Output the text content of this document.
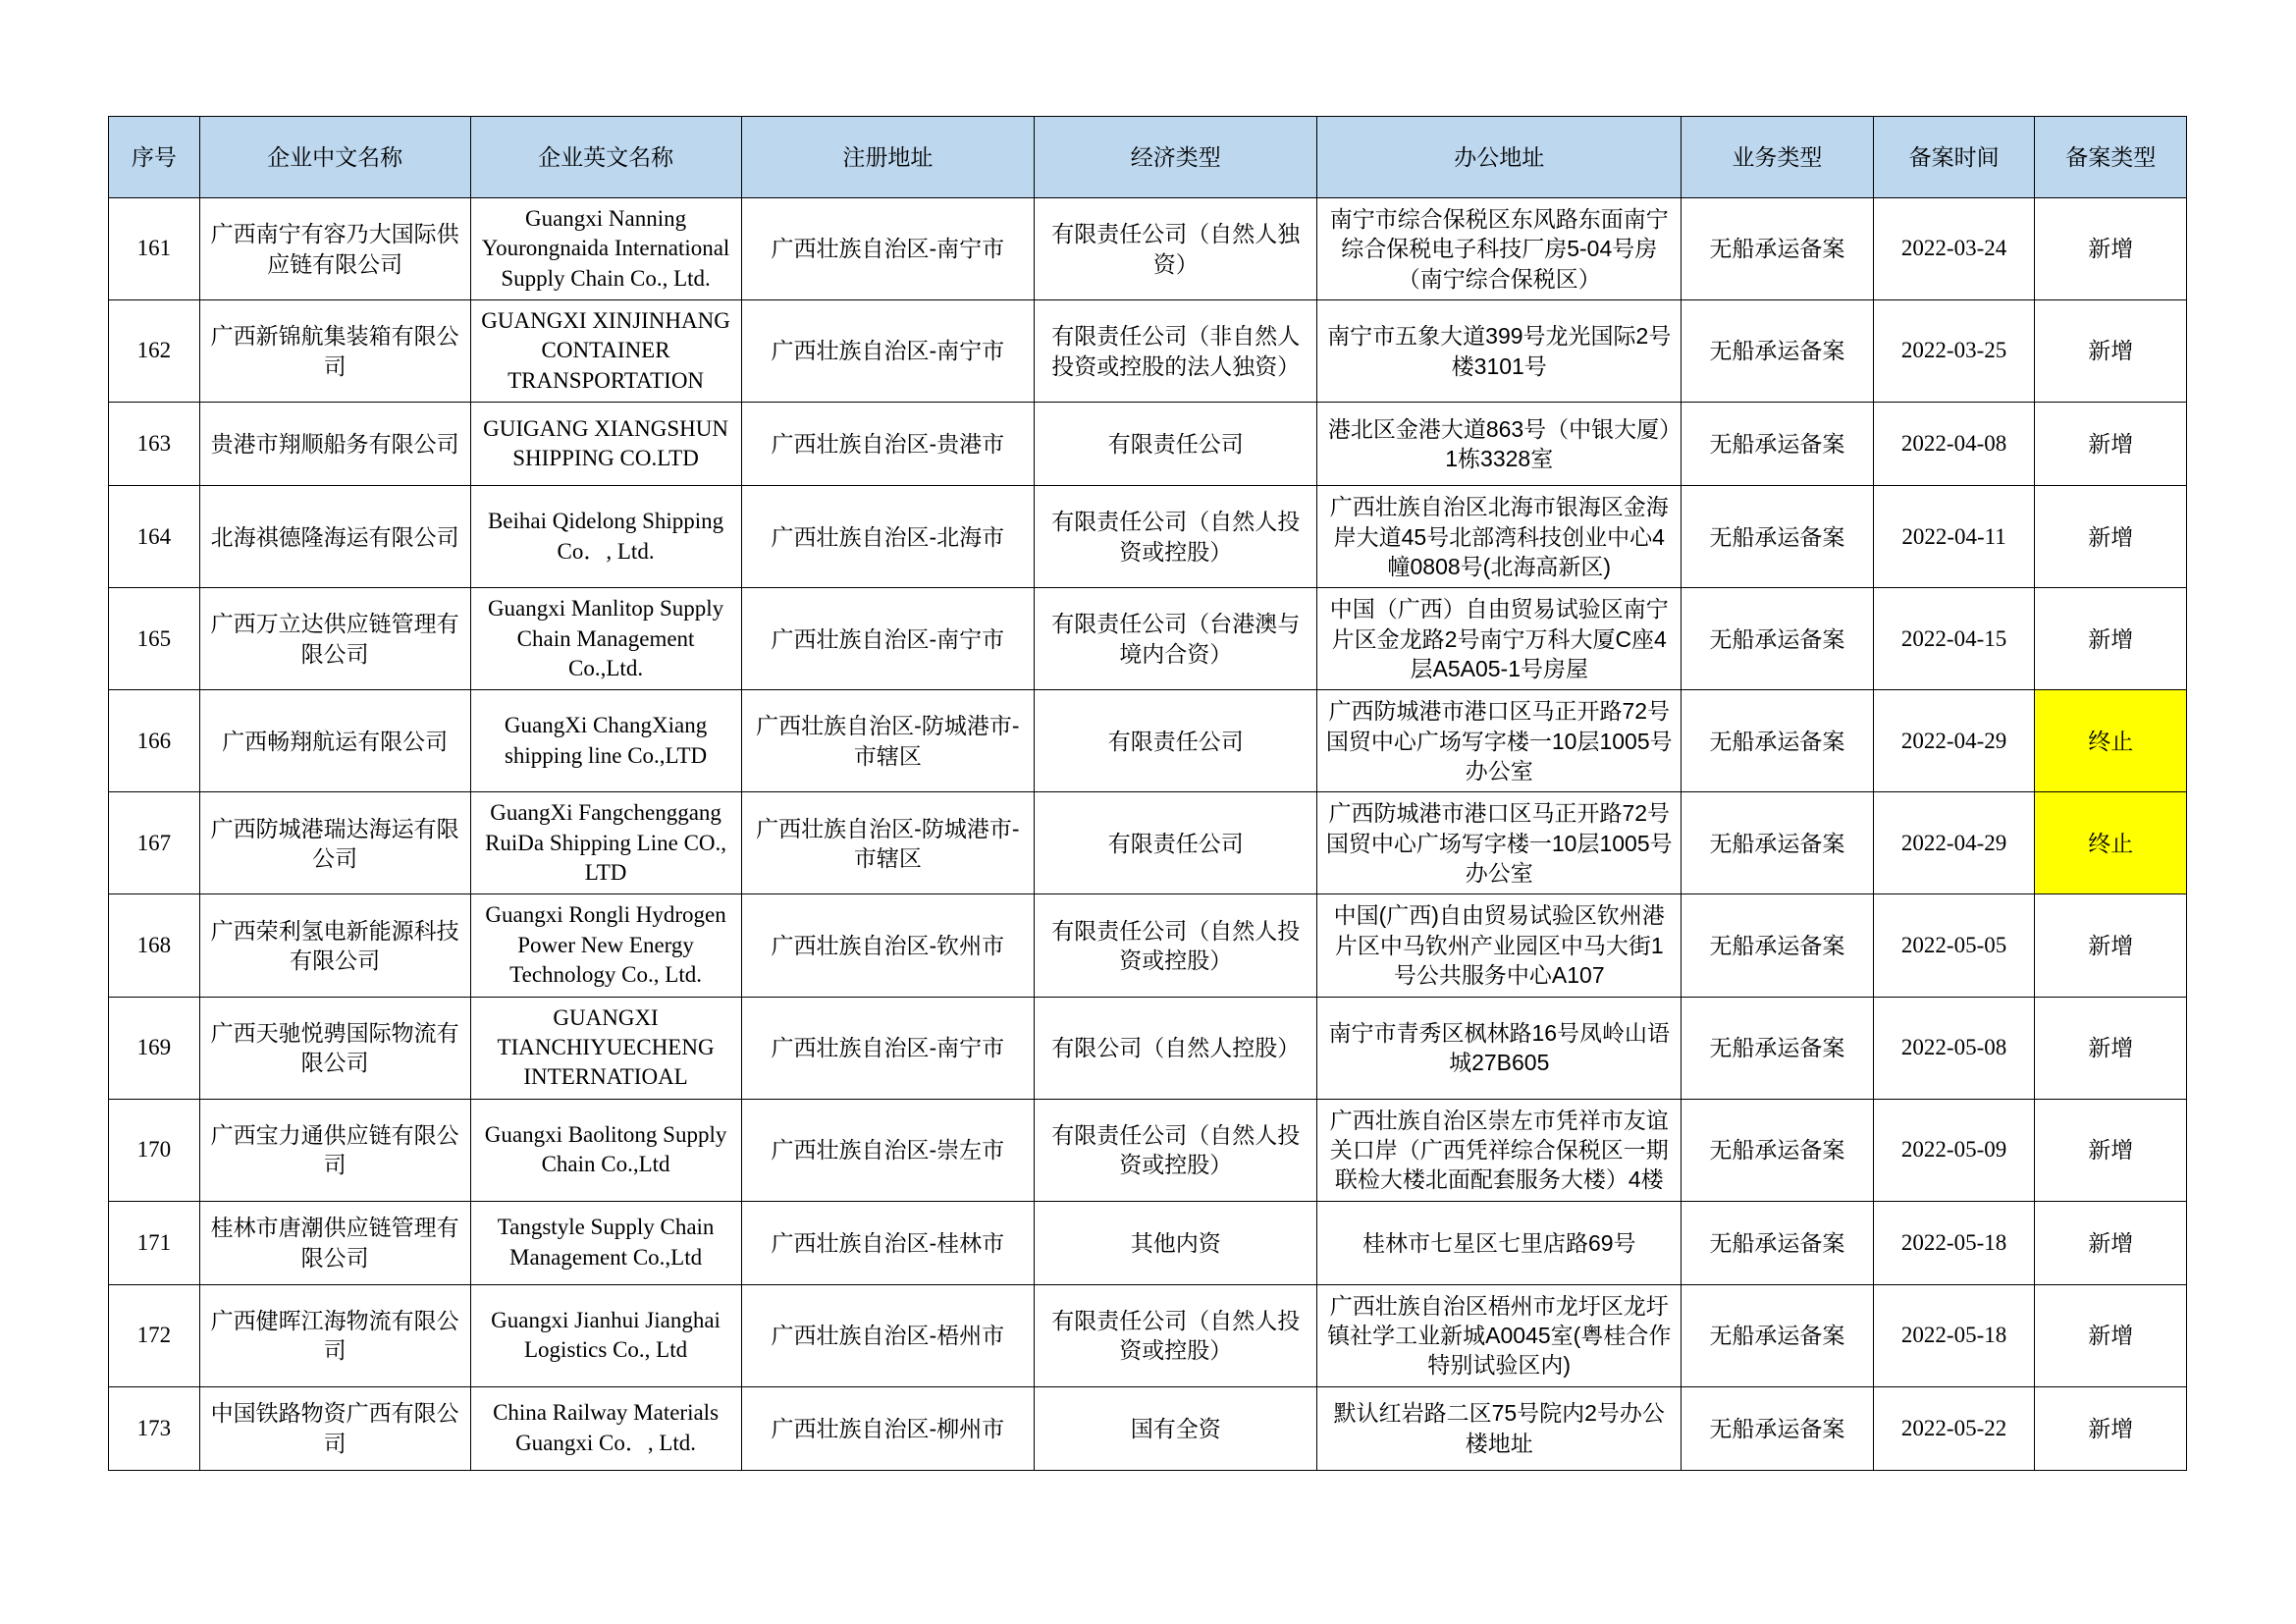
序号	企业中文名称	企业英文名称	注册地址	经济类型	办公地址	业务类型	备案时间	备案类型
161	广西南宁有容乃大国际供应链有限公司	Guangxi Nanning Yourongnaida International Supply Chain Co., Ltd.	广西壮族自治区-南宁市	有限责任公司（自然人独资）	南宁市综合保税区东风路东面南宁综合保税电子科技厂房5-04号房（南宁综合保税区）	无船承运备案	2022-03-24	新增
162	广西新锦航集装箱有限公司	GUANGXI XINJINHANG CONTAINER TRANSPORTATION	广西壮族自治区-南宁市	有限责任公司（非自然人投资或控股的法人独资）	南宁市五象大道399号龙光国际2号楼3101号	无船承运备案	2022-03-25	新增
163	贵港市翔顺船务有限公司	GUIGANG XIANGSHUN SHIPPING CO.LTD	广西壮族自治区-贵港市	有限责任公司	港北区金港大道863号（中银大厦）1栋3328室	无船承运备案	2022-04-08	新增
164	北海祺德隆海运有限公司	Beihai Qidelong Shipping Co．, Ltd.	广西壮族自治区-北海市	有限责任公司（自然人投资或控股）	广西壮族自治区北海市银海区金海岸大道45号北部湾科技创业中心4幢0808号(北海高新区)	无船承运备案	2022-04-11	新增
165	广西万立达供应链管理有限公司	Guangxi Manlitop Supply Chain Management Co.,Ltd.	广西壮族自治区-南宁市	有限责任公司（台港澳与境内合资）	中国（广西）自由贸易试验区南宁片区金龙路2号南宁万科大厦C座4层A5A05-1号房屋	无船承运备案	2022-04-15	新增
166	广西畅翔航运有限公司	GuangXi ChangXiang shipping line Co.,LTD	广西壮族自治区-防城港市-市辖区	有限责任公司	广西防城港市港口区马正开路72号国贸中心广场写字楼一10层1005号办公室	无船承运备案	2022-04-29	终止
167	广西防城港瑞达海运有限公司	GuangXi Fangchenggang RuiDa Shipping Line CO., LTD	广西壮族自治区-防城港市-市辖区	有限责任公司	广西防城港市港口区马正开路72号国贸中心广场写字楼一10层1005号办公室	无船承运备案	2022-04-29	终止
168	广西荣利氢电新能源科技有限公司	Guangxi Rongli Hydrogen Power New Energy Technology Co., Ltd.	广西壮族自治区-钦州市	有限责任公司（自然人投资或控股）	中国(广西)自由贸易试验区钦州港片区中马钦州产业园区中马大街1号公共服务中心A107	无船承运备案	2022-05-05	新增
169	广西天驰悦骋国际物流有限公司	GUANGXI TIANCHIYUECHENG INTERNATIOAL	广西壮族自治区-南宁市	有限公司（自然人控股）	南宁市青秀区枫林路16号凤岭山语城27B605	无船承运备案	2022-05-08	新增
170	广西宝力通供应链有限公司	Guangxi Baolitong Supply Chain Co.,Ltd	广西壮族自治区-崇左市	有限责任公司（自然人投资或控股）	广西壮族自治区崇左市凭祥市友谊关口岸（广西凭祥综合保税区一期联检大楼北面配套服务大楼）4楼	无船承运备案	2022-05-09	新增
171	桂林市唐潮供应链管理有限公司	Tangstyle Supply Chain Management Co.,Ltd	广西壮族自治区-桂林市	其他内资	桂林市七星区七里店路69号	无船承运备案	2022-05-18	新增
172	广西健晖江海物流有限公司	Guangxi Jianhui Jianghai Logistics Co., Ltd	广西壮族自治区-梧州市	有限责任公司（自然人投资或控股）	广西壮族自治区梧州市龙圩区龙圩镇社学工业新城A0045室(粤桂合作特别试验区内)	无船承运备案	2022-05-18	新增
173	中国铁路物资广西有限公司	China Railway Materials Guangxi Co．, Ltd.	广西壮族自治区-柳州市	国有全资	默认红岩路二区75号院内2号办公楼地址	无船承运备案	2022-05-22	新增
